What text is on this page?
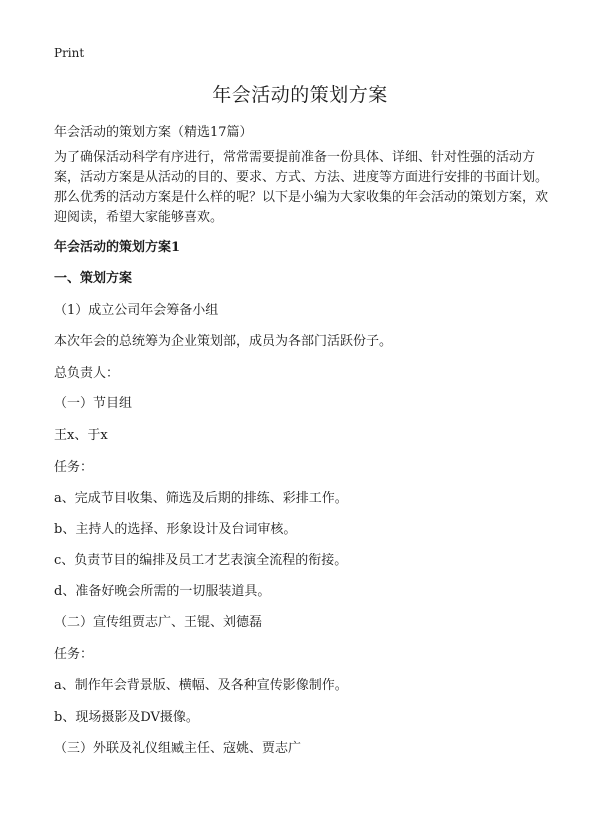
Print
年会活动的策划方案
年会活动的策划方案（精选17篇）
为了确保活动科学有序进行，常常需要提前准备一份具体、详细、针对性强的活动方案，活动方案是从活动的目的、要求、方式、方法、进度等方面进行安排的书面计划。那么优秀的活动方案是什么样的呢？以下是小编为大家收集的年会活动的策划方案，欢迎阅读，希望大家能够喜欢。
年会活动的策划方案1
一、策划方案
（1）成立公司年会筹备小组
本次年会的总统筹为企业策划部，成员为各部门活跃份子。
总负责人：
（一）节目组
王x、于x
任务：
a、完成节目收集、筛选及后期的排练、彩排工作。
b、主持人的选择、形象设计及台词审核。
c、负责节目的编排及员工才艺表演全流程的衔接。
d、准备好晚会所需的一切服装道具。
（二）宣传组贾志广、王锟、刘德磊
任务：
a、制作年会背景版、横幅、及各种宣传影像制作。
b、现场摄影及DV摄像。
（三）外联及礼仪组臧主任、寇姚、贾志广
